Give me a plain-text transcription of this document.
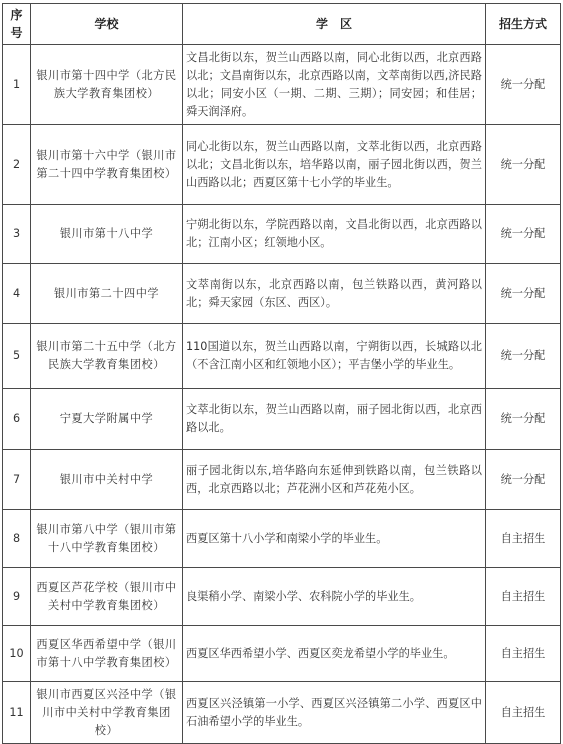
序号	学校	学　区	招生方式
1	银川市第十四中学（北方民族大学教育集团校）	文昌北街以东，贺兰山西路以南，同心北街以西，北京西路以北；文昌南街以东，北京西路以南，文萃南街以西,济民路以北；同安小区（一期、二期、三期）；同安园；和佳居；舜天润泽府。	统一分配
2	银川市第十六中学（银川市第二十四中学教育集团校）	同心北街以东，贺兰山西路以南，文萃北街以西，北京西路以北；文昌北街以东，培华路以南，丽子园北街以西，贺兰山西路以北；西夏区第十七小学的毕业生。	统一分配
3	银川市第十八中学	宁朔北街以东，学院西路以南，文昌北街以西，北京西路以北；江南小区；红领地小区。	统一分配
4	银川市第二十四中学	文萃南街以东，北京西路以南，包兰铁路以西，黄河路以北；舜天家园（东区、西区）。	统一分配
5	银川市第二十五中学（北方民族大学教育集团校）	110国道以东，贺兰山西路以南，宁朔街以西，长城路以北（不含江南小区和红领地小区）；平吉堡小学的毕业生。	统一分配
6	宁夏大学附属中学	文萃北街以东，贺兰山西路以南，丽子园北街以西，北京西路以北。	统一分配
7	银川市中关村中学	丽子园北街以东,培华路向东延伸到铁路以南，包兰铁路以西，北京西路以北；芦花洲小区和芦花苑小区。	统一分配
8	银川市第八中学（银川市第十八中学教育集团校）	西夏区第十八小学和南梁小学的毕业生。	自主招生
9	西夏区芦花学校（银川市中关村中学教育集团校）	良渠稍小学、南梁小学、农科院小学的毕业生。	自主招生
10	西夏区华西希望中学（银川市第十八中学教育集团校）	西夏区华西希望小学、西夏区奕龙希望小学的毕业生。	自主招生
11	银川市西夏区兴泾中学（银川市中关村中学教育集团校）	西夏区兴泾镇第一小学、西夏区兴泾镇第二小学、西夏区中石油希望小学的毕业生。	自主招生
